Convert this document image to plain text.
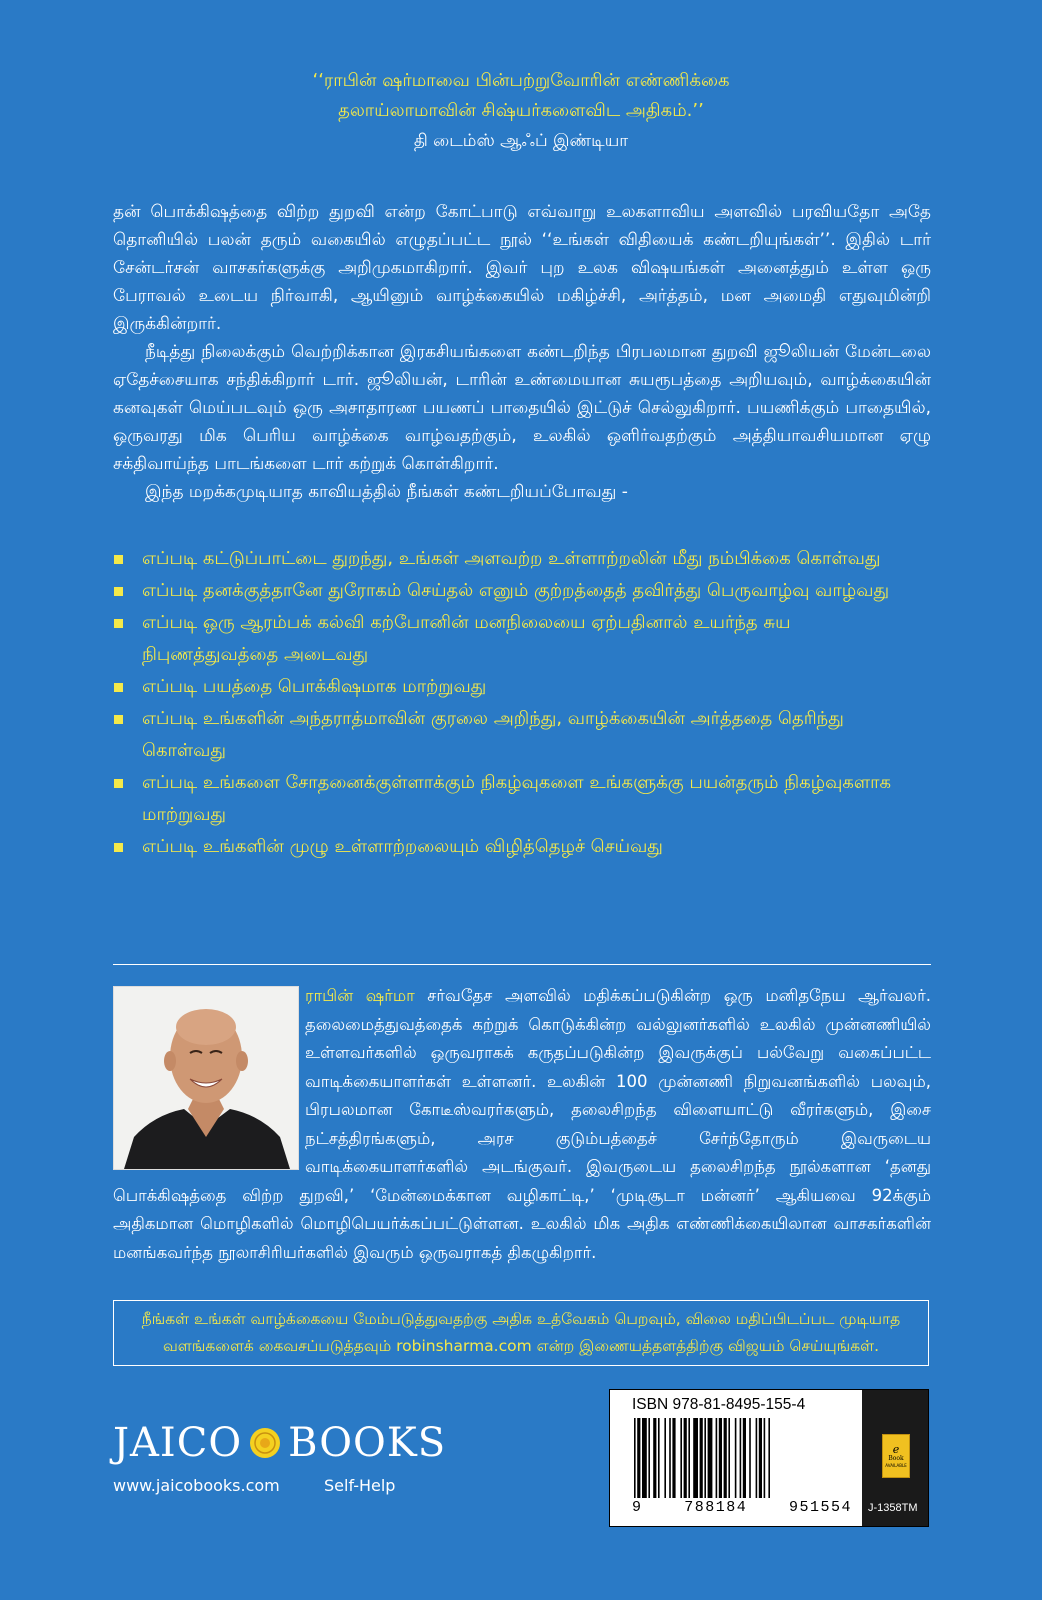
‘‘ராபின் ஷர்மாவை பின்பற்றுவோரின் எண்ணிக்கை
தலாய்லாமாவின் சிஷ்யர்களைவிட அதிகம்.’’
தி டைம்ஸ் ஆஃப் இண்டியா

தன் பொக்கிஷத்தை விற்ற துறவி என்ற கோட்பாடு எவ்வாறு உலகளாவிய அளவில் பரவியதோ அதே தொனியில் பலன் தரும் வகையில் எழுதப்பட்ட நூல் ‘‘உங்கள் விதியைக் கண்டறியுங்கள்’’. இதில் டார் சேன்டர்சன் வாசகர்களுக்கு அறிமுகமாகிறார். இவர் புற உலக விஷயங்கள் அனைத்தும் உள்ள ஒரு பேராவல் உடைய நிர்வாகி, ஆயினும் வாழ்க்கையில் மகிழ்ச்சி, அர்த்தம், மன அமைதி எதுவுமின்றி இருக்கின்றார்.

நீடித்து நிலைக்கும் வெற்றிக்கான இரகசியங்களை கண்டறிந்த பிரபலமான துறவி ஜூலியன் மேன்டலை ஏதேச்சையாக சந்திக்கிறார் டார். ஜூலியன், டாரின் உண்மையான சுயரூபத்தை அறியவும், வாழ்க்கையின் கனவுகள் மெய்படவும் ஒரு அசாதாரண பயணப் பாதையில் இட்டுச் செல்லுகிறார். பயணிக்கும் பாதையில், ஒருவரது மிக பெரிய வாழ்க்கை வாழ்வதற்கும், உலகில் ஒளிர்வதற்கும் அத்தியாவசியமான ஏழு சக்திவாய்ந்த பாடங்களை டார் கற்றுக் கொள்கிறார்.

இந்த மறக்கமுடியாத காவியத்தில் நீங்கள் கண்டறியப்போவது -

எப்படி கட்டுப்பாட்டை துறந்து, உங்கள் அளவற்ற உள்ளாற்றலின் மீது நம்பிக்கை கொள்வது
எப்படி தனக்குத்தானே துரோகம் செய்தல் எனும் குற்றத்தைத் தவிர்த்து பெருவாழ்வு வாழ்வது
எப்படி ஒரு ஆரம்பக் கல்வி கற்போனின் மனநிலையை ஏற்பதினால் உயர்ந்த சுய நிபுணத்துவத்தை அடைவது
எப்படி பயத்தை பொக்கிஷமாக மாற்றுவது
எப்படி உங்களின் அந்தராத்மாவின் குரலை அறிந்து, வாழ்க்கையின் அர்த்ததை தெரிந்து கொள்வது
எப்படி உங்களை சோதனைக்குள்ளாக்கும் நிகழ்வுகளை உங்களுக்கு பயன்தரும் நிகழ்வுகளாக மாற்றுவது
எப்படி உங்களின் முழு உள்ளாற்றலையும் விழித்தெழச் செய்வது
ராபின் ஷர்மா சர்வதேச அளவில் மதிக்கப்படுகின்ற ஒரு மனிதநேய ஆர்வலர். தலைமைத்துவத்தைக் கற்றுக் கொடுக்கின்ற வல்லுனர்களில் உலகில் முன்னணியில் உள்ளவர்களில் ஒருவராகக் கருதப்படுகின்ற இவருக்குப் பல்வேறு வகைப்பட்ட வாடிக்கையாளர்கள் உள்ளனர். உலகின் 100 முன்னணி நிறுவனங்களில் பலவும், பிரபலமான கோடீஸ்வரர்களும், தலைசிறந்த விளையாட்டு வீரர்களும், இசை நட்சத்திரங்களும், அரச குடும்பத்தைச் சேர்ந்தோரும் இவருடைய வாடிக்கையாளர்களில் அடங்குவர். இவருடைய தலைசிறந்த நூல்களான ‘தனது பொக்கிஷத்தை விற்ற துறவி,’ ‘மேன்மைக்கான வழிகாட்டி,’ ‘முடிசூடா மன்னர்’ ஆகியவை 92க்கும் அதிகமான மொழிகளில் மொழிபெயர்க்கப்பட்டுள்ளன. உலகில் மிக அதிக எண்ணிக்கையிலான வாசகர்களின் மனங்கவர்ந்த நூலாசிரியர்களில் இவரும் ஒருவராகத் திகழுகிறார்.
நீங்கள் உங்கள் வாழ்க்கையை மேம்படுத்துவதற்கு அதிக உத்வேகம் பெறவும், விலை மதிப்பிடப்பட முடியாத
வளங்களைக் கைவசப்படுத்தவும் robinsharma.com என்ற இணையத்தளத்திற்கு விஜயம் செய்யுங்கள்.
JAICO BOOKS
www.jaicobooks.com	Self-Help
ISBN 978-81-8495-155-4
9	788184	951554
e
Book
AVAILABLE
J-1358TM
